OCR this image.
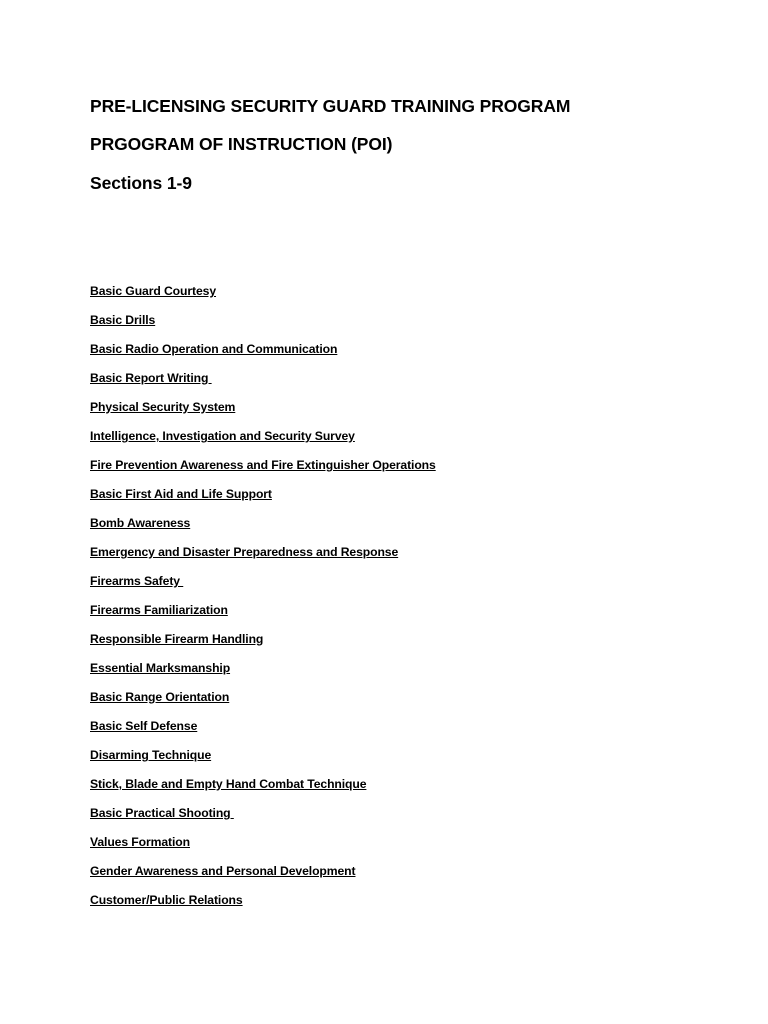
PRE-LICENSING SECURITY GUARD TRAINING PROGRAM
PRGOGRAM OF INSTRUCTION (POI)
Sections 1-9
Basic Guard Courtesy
Basic Drills
Basic Radio Operation and Communication
Basic Report Writing
Physical Security System
Intelligence, Investigation and Security Survey
Fire Prevention Awareness and Fire Extinguisher Operations
Basic First Aid and Life Support
Bomb Awareness
Emergency and Disaster Preparedness and Response
Firearms Safety
Firearms Familiarization
Responsible Firearm Handling
Essential Marksmanship
Basic Range Orientation
Basic Self Defense
Disarming Technique
Stick, Blade and Empty Hand Combat Technique
Basic Practical Shooting
Values Formation
Gender Awareness and Personal Development
Customer/Public Relations
